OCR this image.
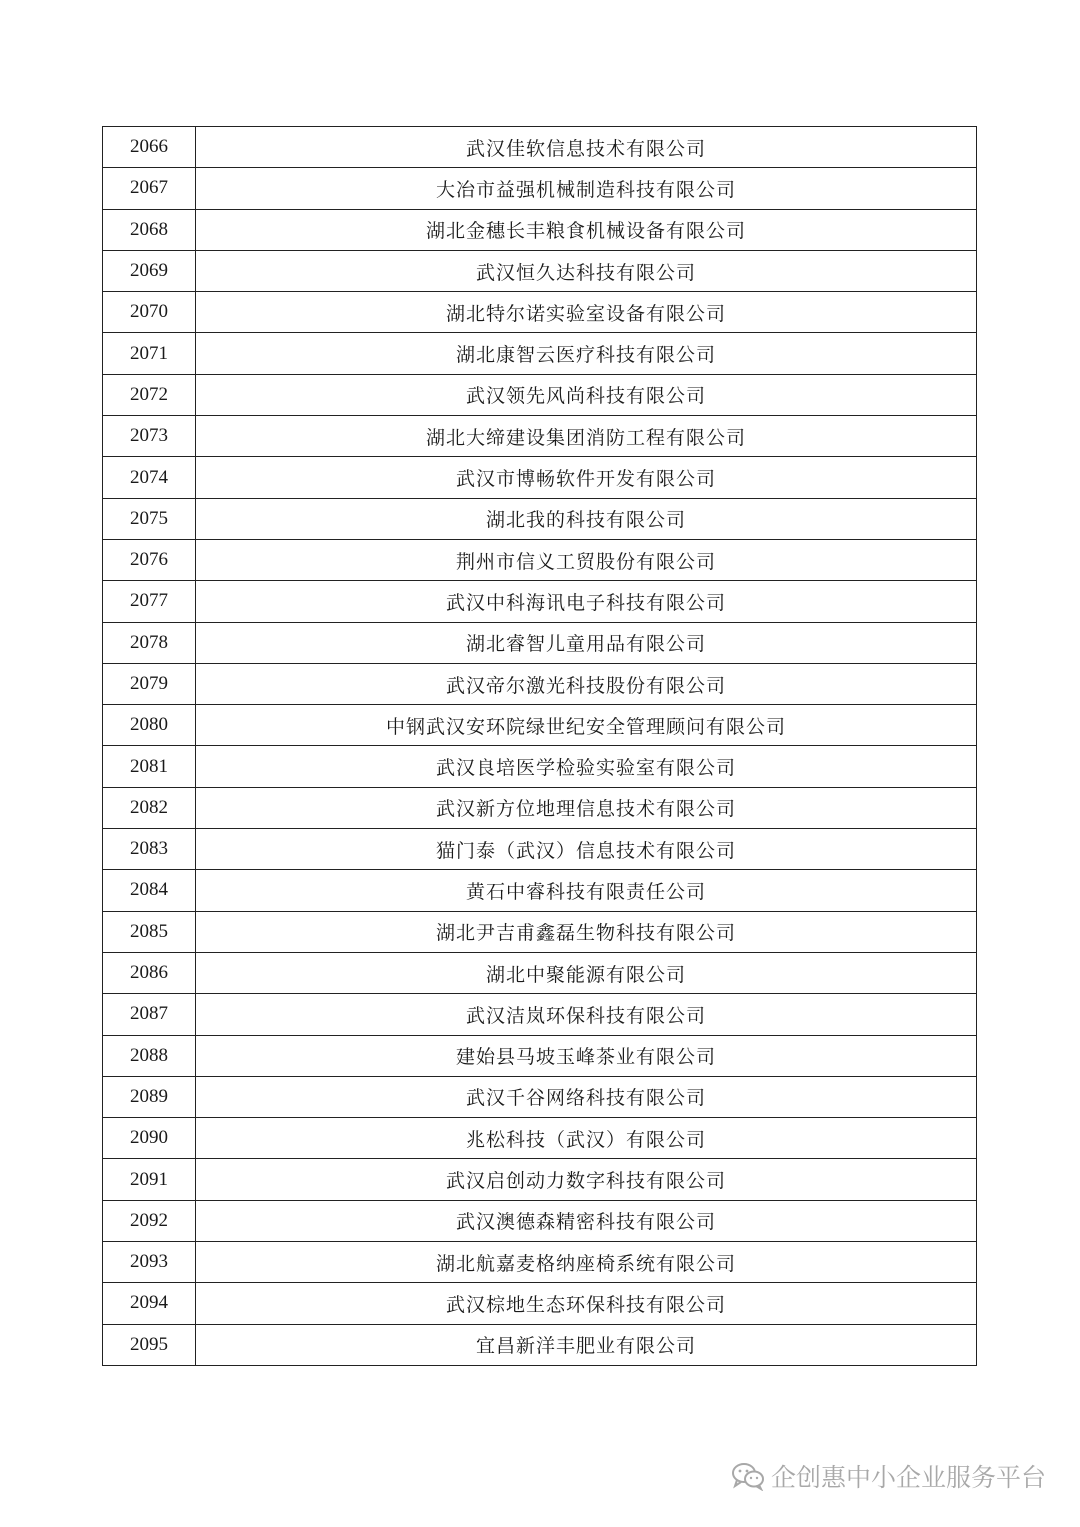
2066	武汉佳软信息技术有限公司
2067	大冶市益强机械制造科技有限公司
2068	湖北金穗长丰粮食机械设备有限公司
2069	武汉恒久达科技有限公司
2070	湖北特尔诺实验室设备有限公司
2071	湖北康智云医疗科技有限公司
2072	武汉领先风尚科技有限公司
2073	湖北大缔建设集团消防工程有限公司
2074	武汉市博畅软件开发有限公司
2075	湖北我的科技有限公司
2076	荆州市信义工贸股份有限公司
2077	武汉中科海讯电子科技有限公司
2078	湖北睿智儿童用品有限公司
2079	武汉帝尔激光科技股份有限公司
2080	中钢武汉安环院绿世纪安全管理顾问有限公司
2081	武汉良培医学检验实验室有限公司
2082	武汉新方位地理信息技术有限公司
2083	猫门泰（武汉）信息技术有限公司
2084	黄石中睿科技有限责任公司
2085	湖北尹吉甫鑫磊生物科技有限公司
2086	湖北中聚能源有限公司
2087	武汉洁岚环保科技有限公司
2088	建始县马坡玉峰茶业有限公司
2089	武汉千谷网络科技有限公司
2090	兆松科技（武汉）有限公司
2091	武汉启创动力数字科技有限公司
2092	武汉澳德森精密科技有限公司
2093	湖北航嘉麦格纳座椅系统有限公司
2094	武汉棕地生态环保科技有限公司
2095	宜昌新洋丰肥业有限公司
企创惠中小企业服务平台
